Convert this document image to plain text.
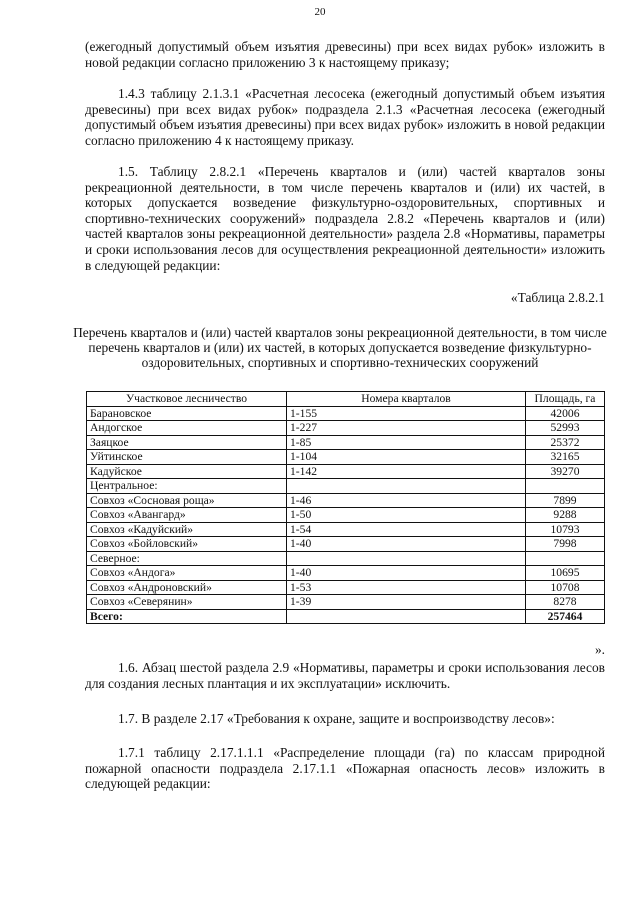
20
(ежегодный допустимый объем изъятия древесины) при всех видах рубок» изложить в новой редакции согласно приложению 3 к настоящему приказу;
1.4.3 таблицу 2.1.3.1 «Расчетная лесосека (ежегодный допустимый объем изъятия древесины) при всех видах рубок» подраздела 2.1.3 «Расчетная лесосека (ежегодный допустимый объем изъятия древесины) при всех видах рубок» изложить в новой редакции согласно приложению 4 к настоящему приказу.
1.5. Таблицу 2.8.2.1 «Перечень кварталов и (или) частей кварталов зоны рекреационной деятельности, в том числе перечень кварталов и (или) их частей, в которых допускается возведение физкультурно-оздоровительных, спортивных и спортивно-технических сооружений» подраздела 2.8.2 «Перечень кварталов и (или) частей кварталов зоны рекреационной деятельности» раздела 2.8 «Нормативы, параметры и сроки использования лесов для осуществления рекреационной деятельности» изложить в следующей редакции:
«Таблица 2.8.2.1
Перечень кварталов и (или) частей кварталов зоны рекреационной деятельности, в том числе перечень кварталов и (или) их частей, в которых допускается возведение физкультурно-оздоровительных, спортивных и спортивно-технических сооружений
Участковое лесничество	Номера кварталов	Площадь, га
Барановское	1-155	42006
Андогское	1-227	52993
Заяцкое	1-85	25372
Уйтинское	1-104	32165
Кадуйское	1-142	39270
Центральное:		
Совхоз «Сосновая роща»	1-46	7899
Совхоз «Авангард»	1-50	9288
Совхоз «Кадуйский»	1-54	10793
Совхоз «Бойловский»	1-40	7998
Северное:		
Совхоз «Андога»	1-40	10695
Совхоз «Андроновский»	1-53	10708
Совхоз «Северянин»	1-39	8278
Всего:		257464
».
1.6. Абзац шестой раздела 2.9 «Нормативы, параметры и сроки использования лесов для создания лесных плантация и их эксплуатации» исключить.
1.7. В разделе 2.17 «Требования к охране, защите и воспроизводству лесов»:
1.7.1 таблицу 2.17.1.1.1 «Распределение площади (га) по классам природной пожарной опасности подраздела 2.17.1.1 «Пожарная опасность лесов» изложить в следующей редакции:
